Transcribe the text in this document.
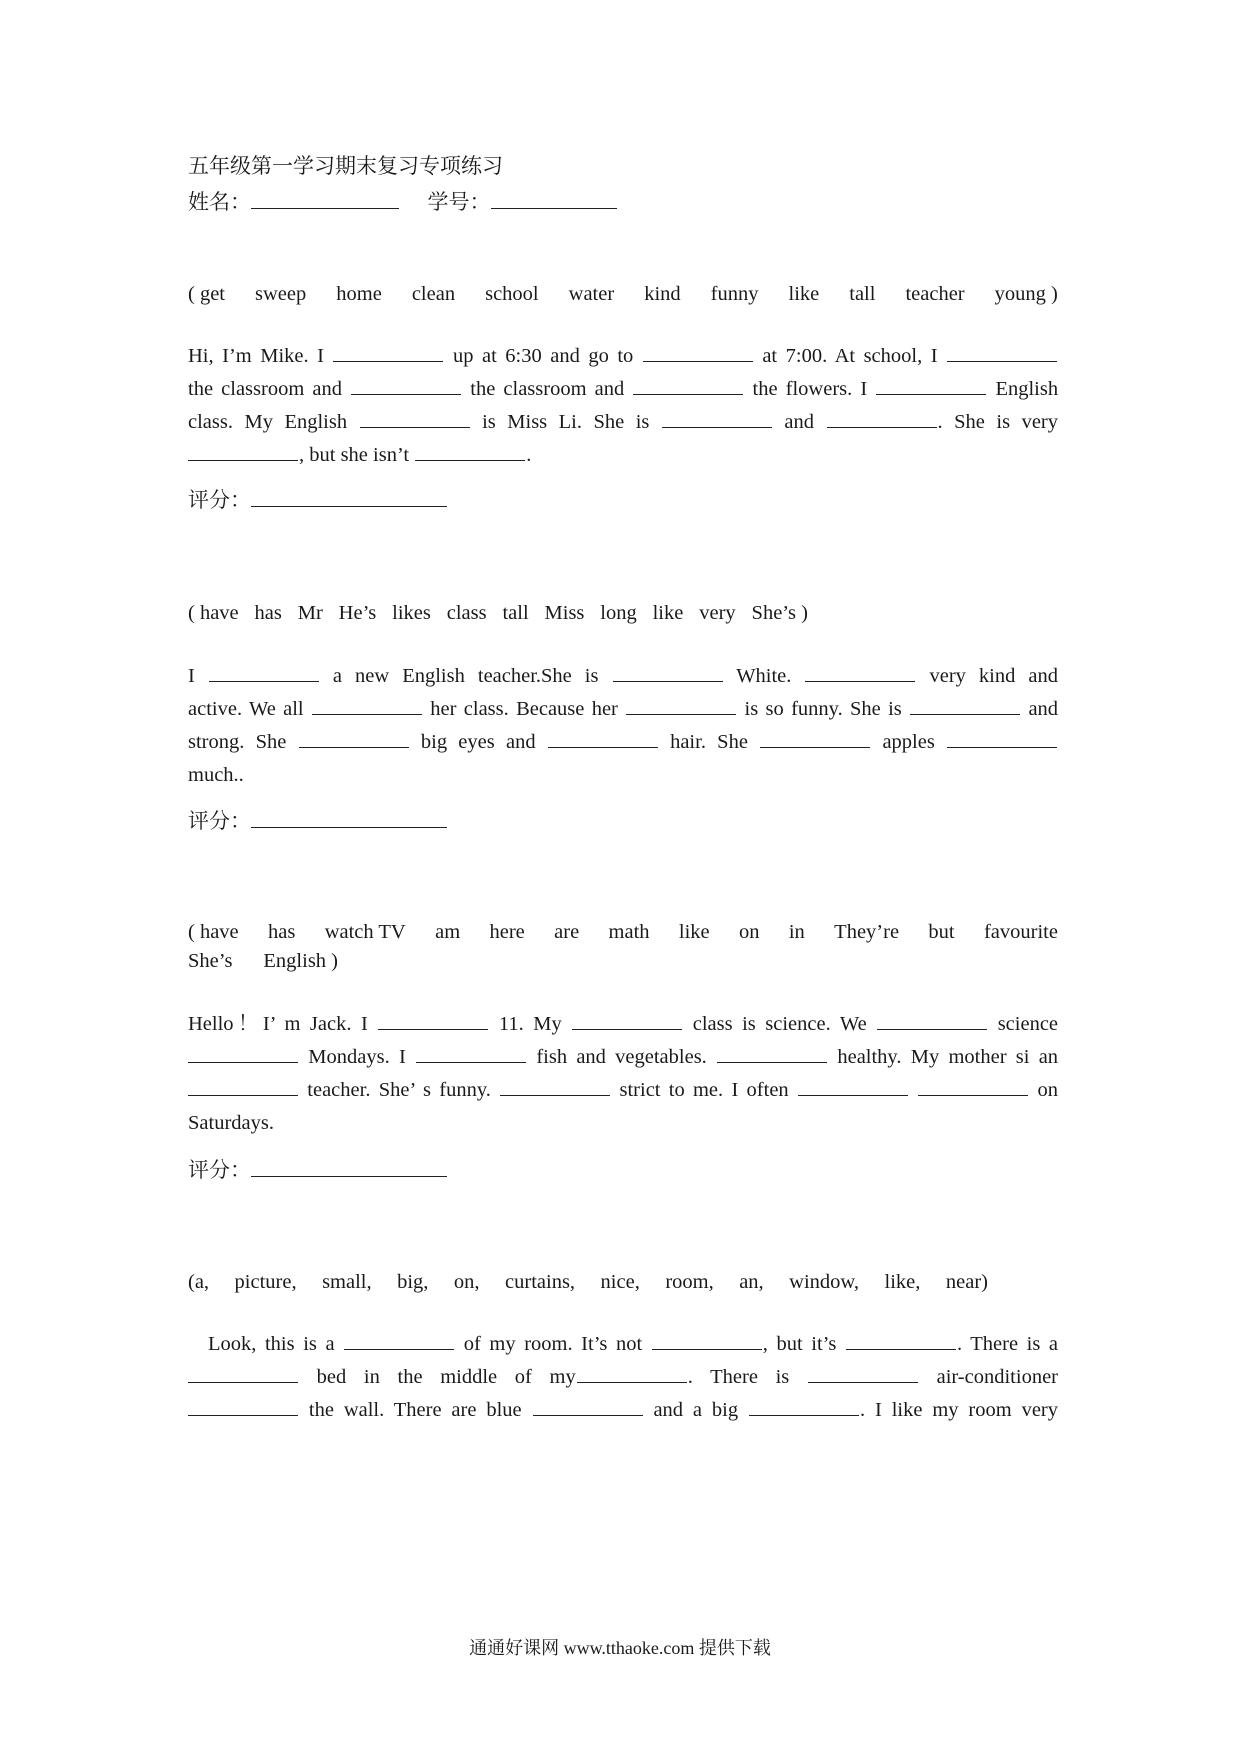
五年级第一学习期末复习专项练习
姓名：	学号：
( get sweep home clean school water kind funny like tall teacher young )
Hi, I’m Mike. I	up at 6:30 and go to	at 7:00. At school, I
the classroom and	the classroom and	the flowers. I	English
class. My English	is Miss Li. She is	and	. She is very
, but she isn’t	.
评分：
( have has Mr He’s likes class tall Miss long like very She’s )
I	a new English teacher.She is	White.	very kind and
active. We all	her class. Because her	is so funny. She is	and
strong. She	big eyes and	hair. She	apples
much..
评分：
( have has watch TV am here are math like on in They’re but favourite
She’s English )
Hello！I’ m Jack. I	11. My	class is science. We	science
Mondays. I	fish and vegetables.	healthy. My mother si an
teacher. She’ s funny.	strict to me. I often	on
Saturdays.
评分：
(a, picture, small, big, on, curtains, nice, room, an, window, like, near)
Look, this is a	of my room. It’s not	, but it’s	. There is a
bed in the middle of my	. There is	air-conditioner
the wall. There are blue	and a big	. I like my room very
通通好课网 www.tthaoke.com 提供下载
